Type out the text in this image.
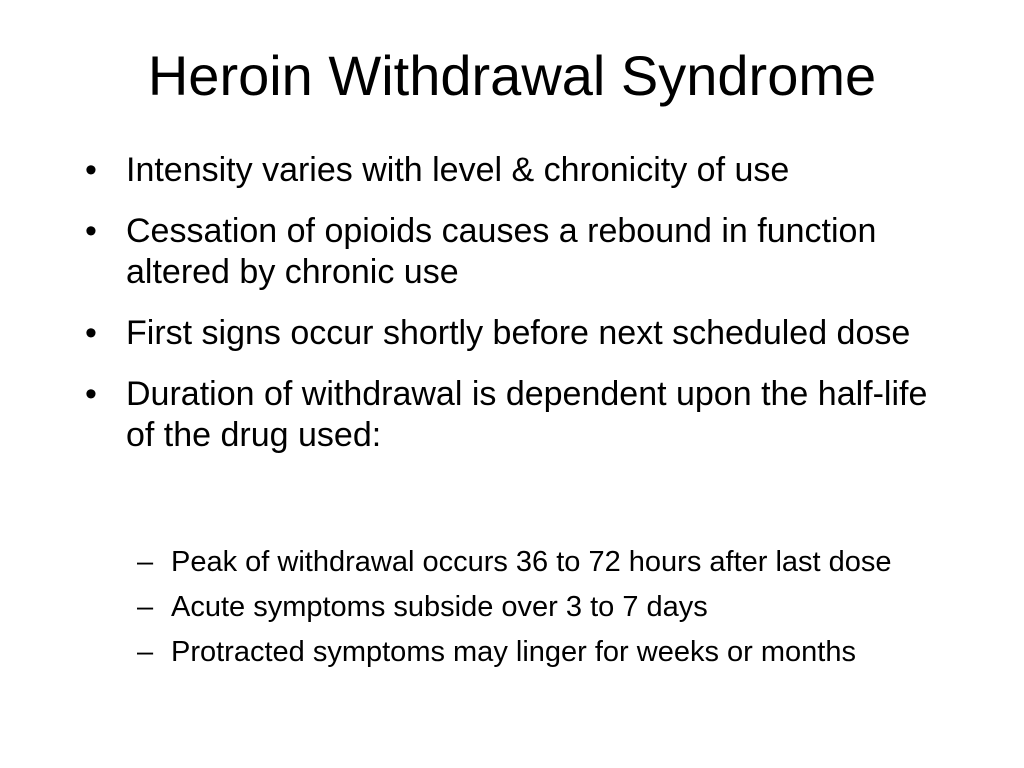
Heroin Withdrawal Syndrome
• Intensity varies with level & chronicity of use
• Cessation of opioids causes a rebound in function altered by chronic use
• First signs occur shortly before next scheduled dose
• Duration of withdrawal is dependent upon the half-life of the drug used:
– Peak of withdrawal occurs 36 to 72 hours after last dose
– Acute symptoms subside over 3 to 7 days
– Protracted symptoms may linger for weeks or months
